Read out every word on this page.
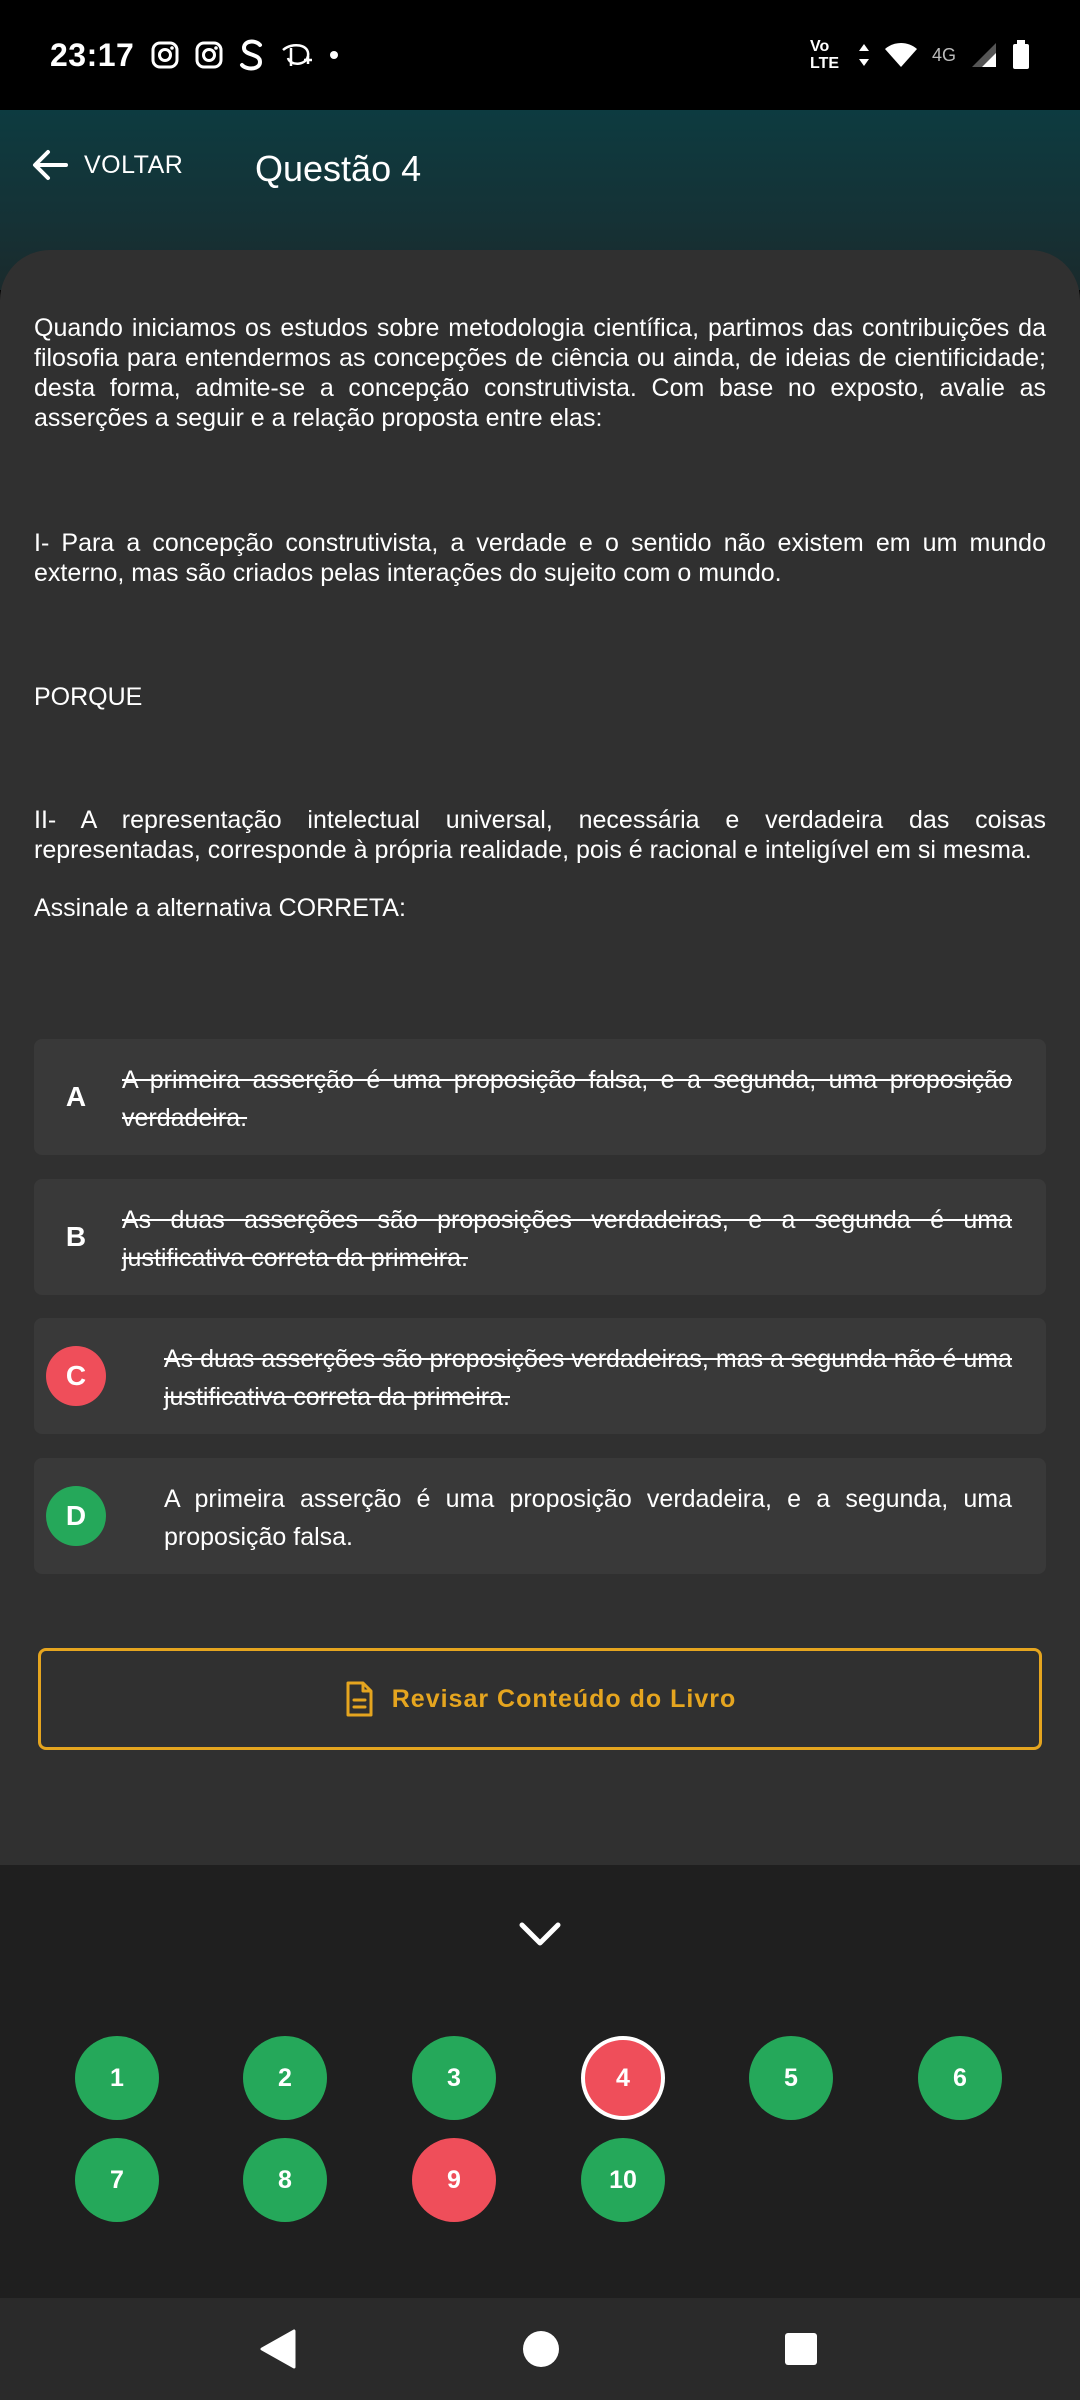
23:17	Vo LTE	4G
VOLTAR Questão 4

Quando iniciamos os estudos sobre metodologia científica, partimos das contribuições da filosofia para entendermos as concepções de ciência ou ainda, de ideias de cientificidade; desta forma, admite-se a concepção construtivista. Com base no exposto, avalie as asserções a seguir e a relação proposta entre elas:

I- Para a concepção construtivista, a verdade e o sentido não existem em um mundo externo, mas são criados pelas interações do sujeito com o mundo.

PORQUE

II- A representação intelectual universal, necessária e verdadeira das coisas representadas, corresponde à própria realidade, pois é racional e inteligível em si mesma.

Assinale a alternativa CORRETA:

A
A primeira asserção é uma proposição falsa, e a segunda, uma proposição verdadeira.
B
As duas asserções são proposições verdadeiras, e a segunda é uma justificativa correta da primeira.
C
As duas asserções são proposições verdadeiras, mas a segunda não é uma justificativa correta da primeira.
D
A primeira asserção é uma proposição verdadeira, e a segunda, uma proposição falsa.
Revisar Conteúdo do Livro
1	2	3	4	5	6
7	8	9	10
